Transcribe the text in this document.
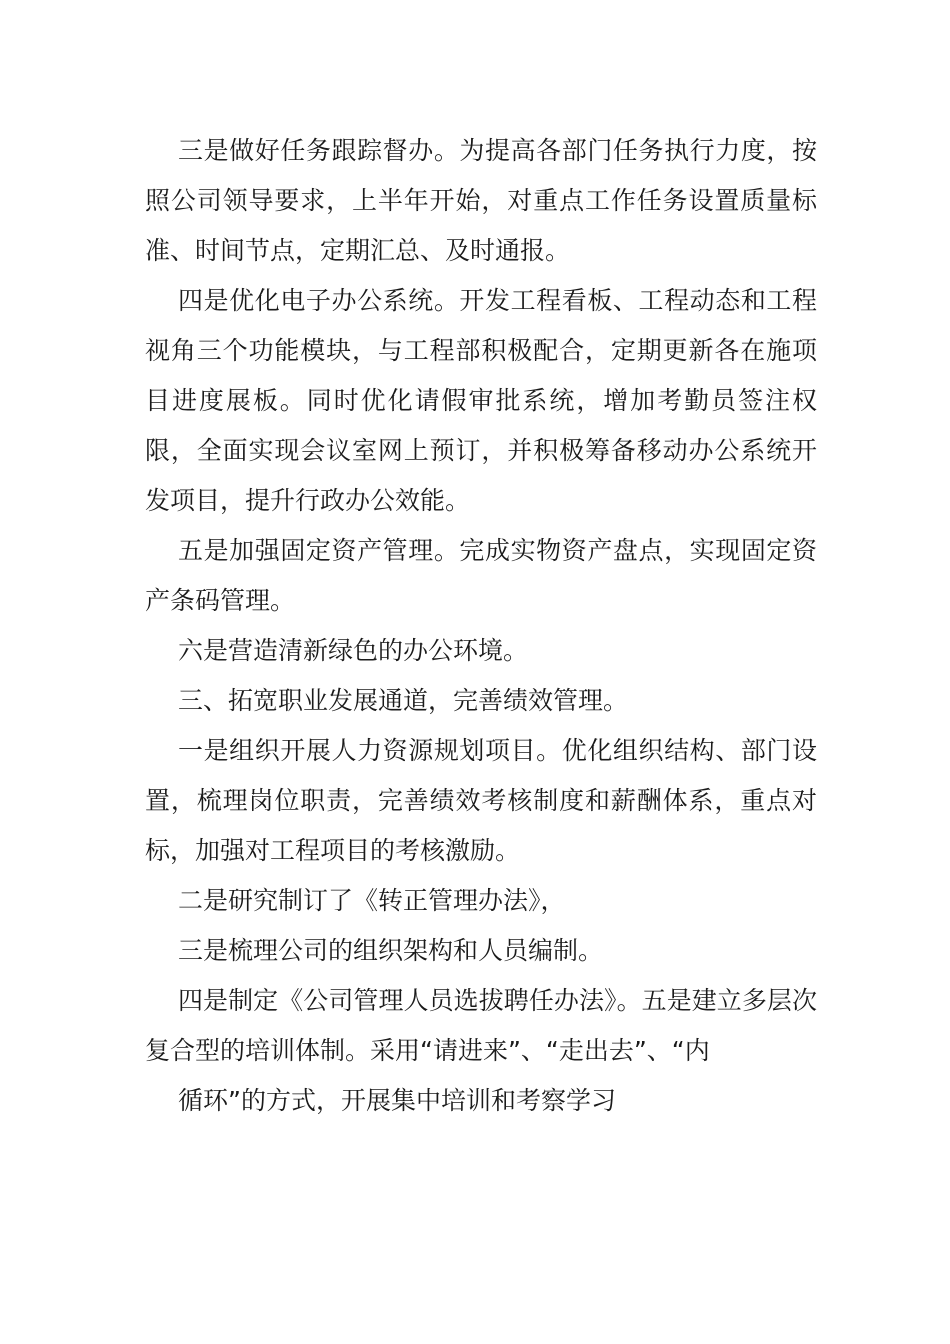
三是做好任务跟踪督办。为提高各部门任务执行力度，按照公司领导要求，上半年开始，对重点工作任务设置质量标准、时间节点，定期汇总、及时通报。

四是优化电子办公系统。开发工程看板、工程动态和工程视角三个功能模块，与工程部积极配合，定期更新各在施项目进度展板。同时优化请假审批系统，增加考勤员签注权限，全面实现会议室网上预订，并积极筹备移动办公系统开发项目，提升行政办公效能。

五是加强固定资产管理。完成实物资产盘点，实现固定资产条码管理。

六是营造清新绿色的办公环境。

三、拓宽职业发展通道，完善绩效管理。

一是组织开展人力资源规划项目。优化组织结构、部门设置，梳理岗位职责，完善绩效考核制度和薪酬体系，重点对标，加强对工程项目的考核激励。

二是研究制订了《转正管理办法》，

三是梳理公司的组织架构和人员编制。

四是制定《公司管理人员选拔聘任办法》。五是建立多层次复合型的培训体制。采用“请进来”、“走出去”、“内

循环”的方式，开展集中培训和考察学习
